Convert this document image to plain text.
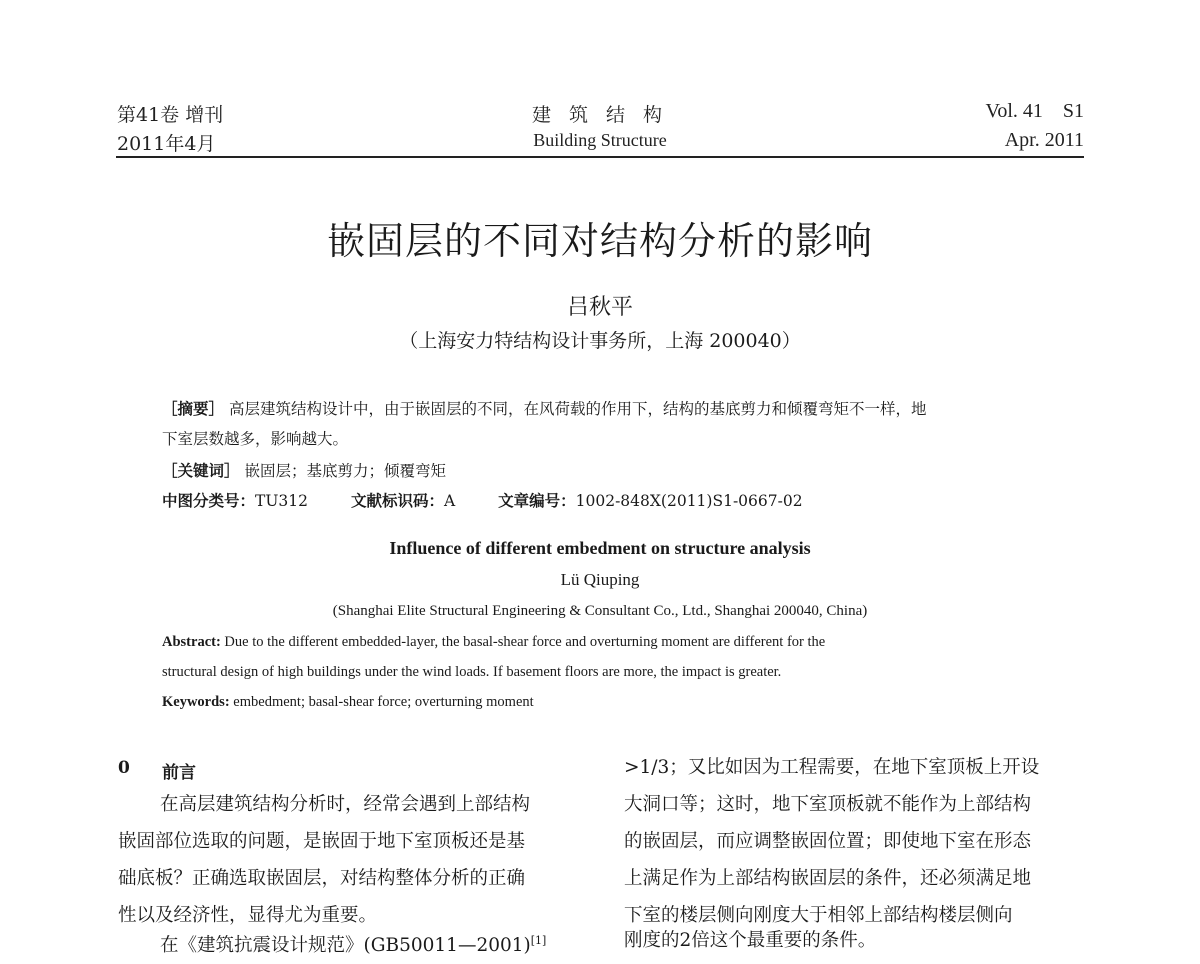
第41卷 增刊
2011年4月
建 筑 结 构
Building Structure
Vol. 41    S1
Apr. 2011
嵌固层的不同对结构分析的影响
吕秋平
（上海安力特结构设计事务所，上海 200040）
［摘要］ 高层建筑结构设计中，由于嵌固层的不同，在风荷载的作用下，结构的基底剪力和倾覆弯矩不一样，地
下室层数越多，影响越大。
［关键词］ 嵌固层；基底剪力；倾覆弯矩
中图分类号：TU312	文献标识码：A	文章编号：1002-848X(2011)S1-0667-02
Influence of different embedment on structure analysis
Lü Qiuping
(Shanghai Elite Structural Engineering & Consultant Co., Ltd., Shanghai 200040, China)
Abstract: Due to the different embedded-layer, the basal-shear force and overturning moment are different for the
structural design of high buildings under the wind loads. If basement floors are more, the impact is greater.
Keywords: embedment; basal-shear force; overturning moment
0 前言
在高层建筑结构分析时，经常会遇到上部结构
嵌固部位选取的问题，是嵌固于地下室顶板还是基
础底板？正确选取嵌固层，对结构整体分析的正确
性以及经济性，显得尤为重要。
在《建筑抗震设计规范》(GB50011—2001)[1]
>1/3；又比如因为工程需要，在地下室顶板上开设
大洞口等；这时，地下室顶板就不能作为上部结构
的嵌固层，而应调整嵌固位置；即使地下室在形态
上满足作为上部结构嵌固层的条件，还必须满足地
下室的楼层侧向刚度大于相邻上部结构楼层侧向
刚度的2倍这个最重要的条件。
